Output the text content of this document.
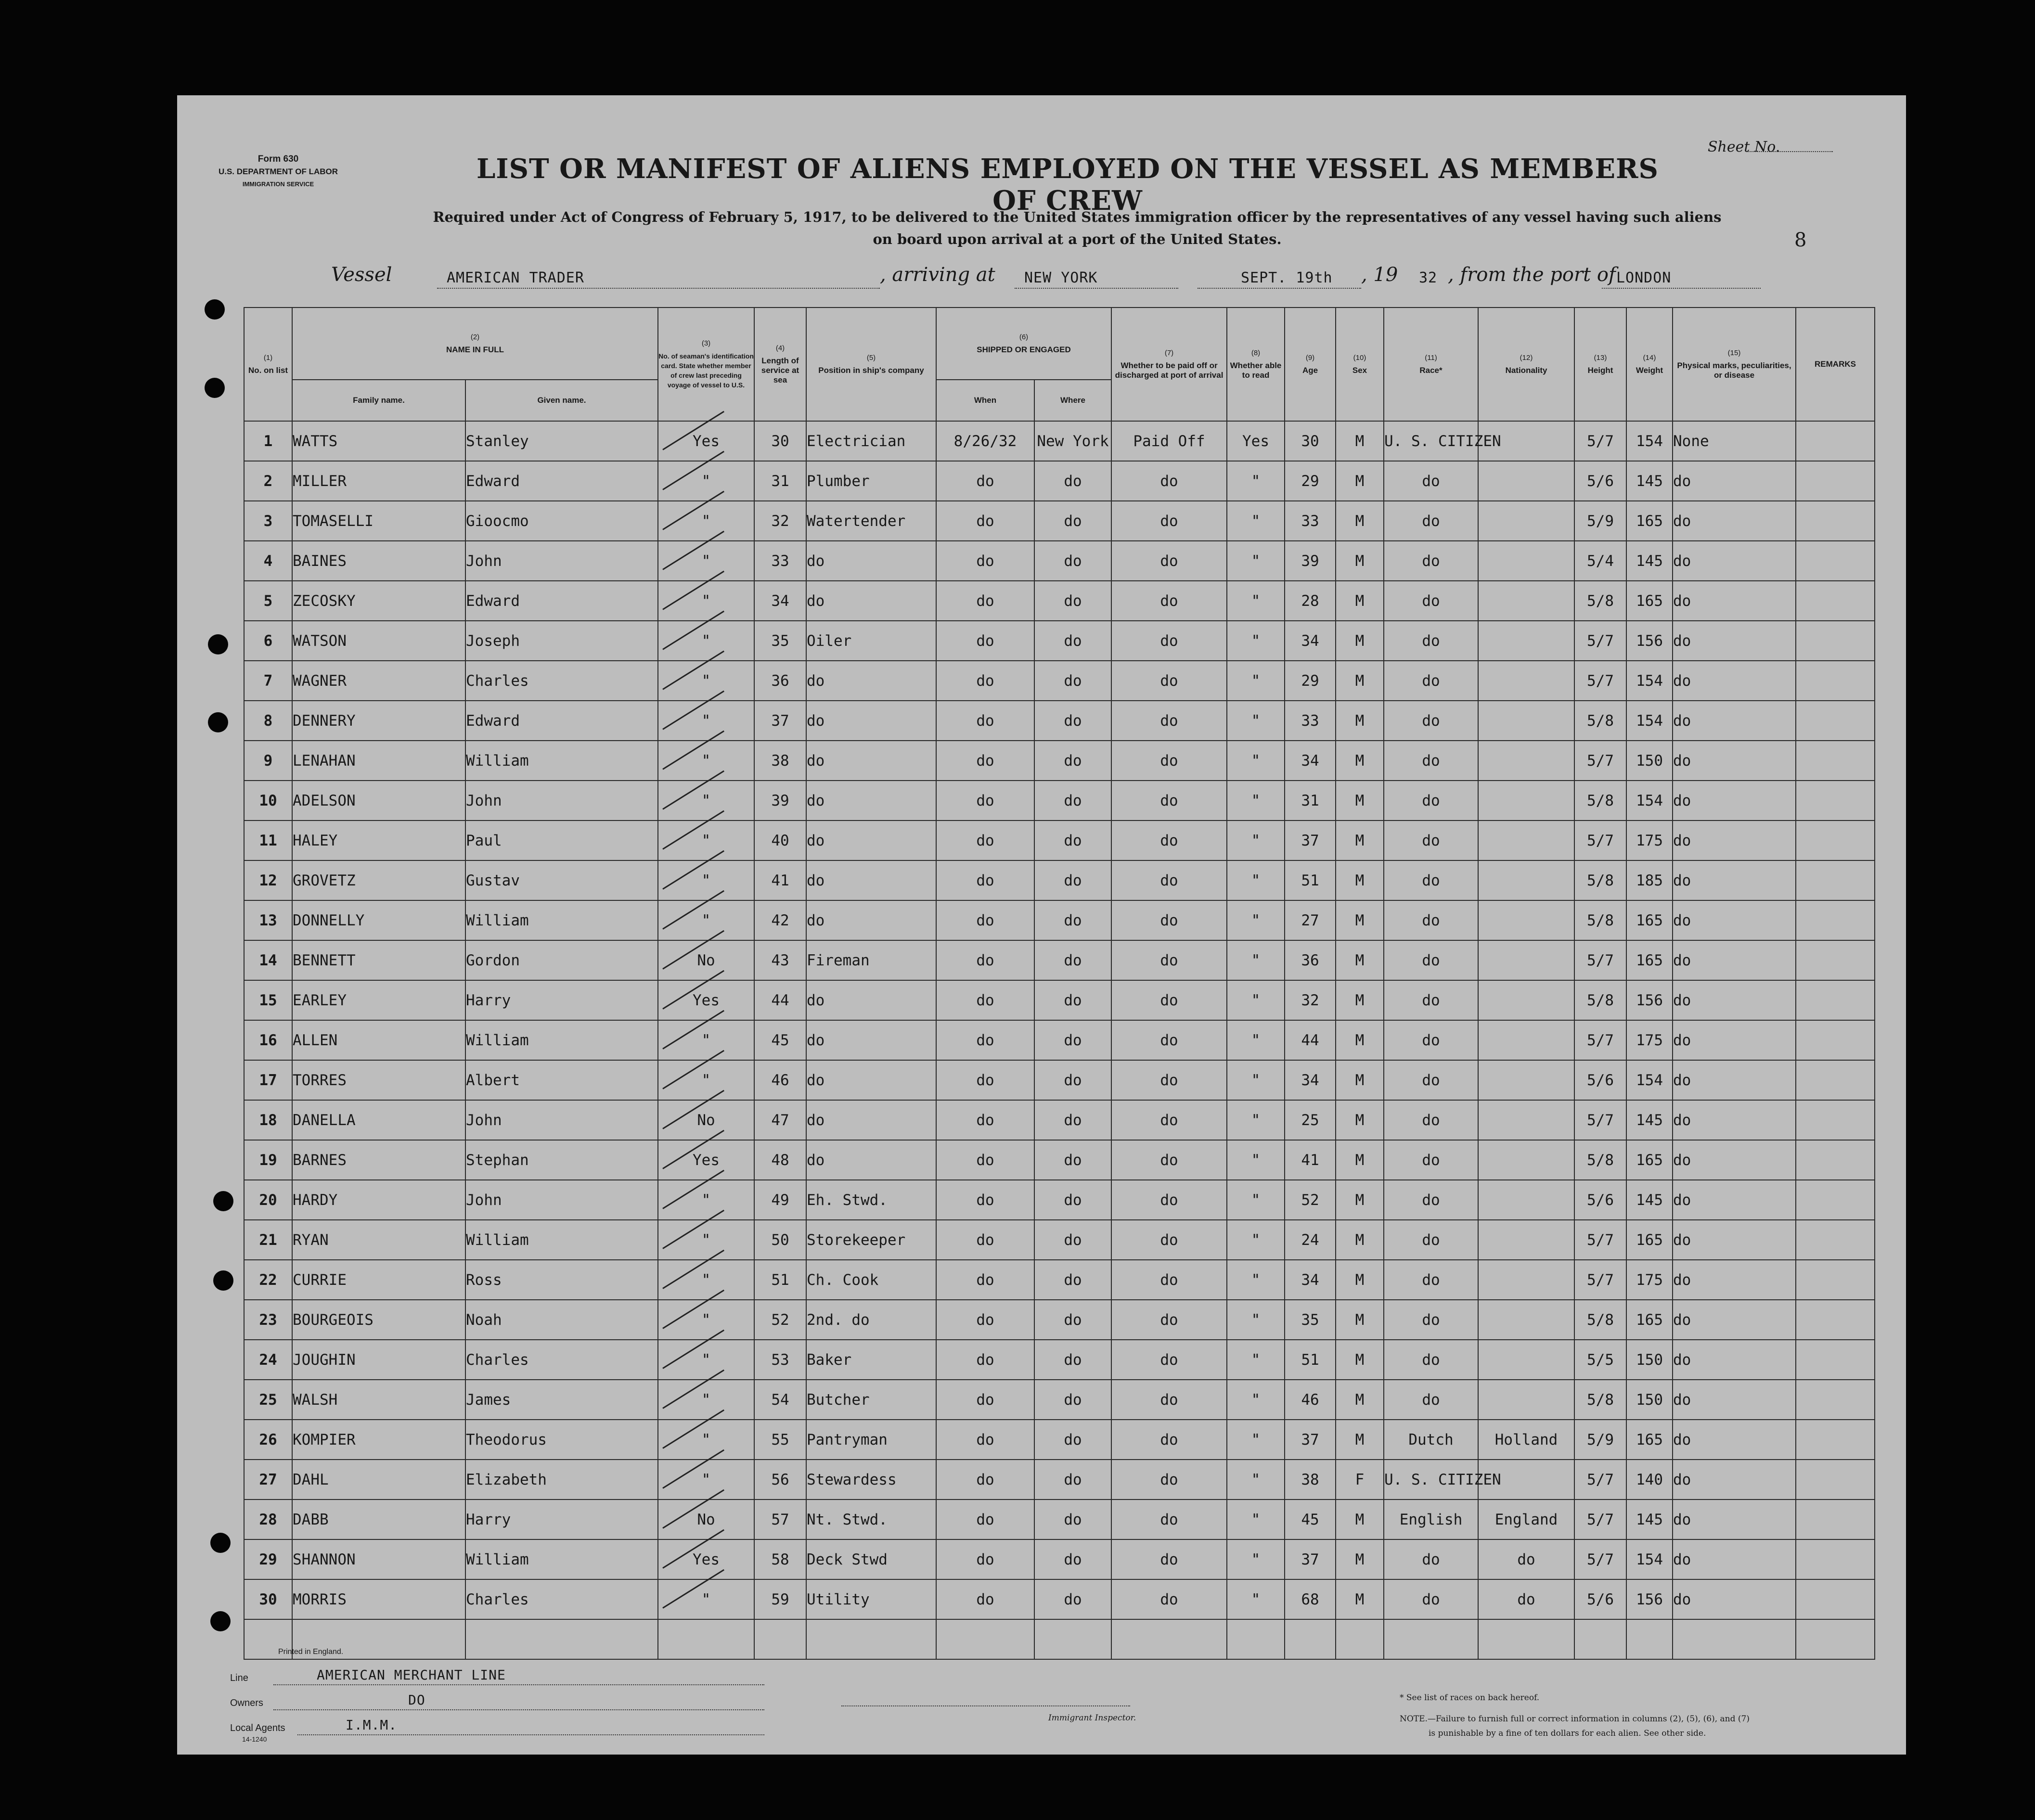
Form 630
U.S. DEPARTMENT OF LABOR
IMMIGRATION SERVICE
Sheet No.
8
LIST OR MANIFEST OF ALIENS EMPLOYED ON THE VESSEL AS MEMBERS OF CREW
Required under Act of Congress of February 5, 1917, to be delivered to the United States immigration officer by the representatives of any vessel having such aliens
on board upon arrival at a port of the United States.
Vessel	AMERICAN TRADER	, arriving at NEW YORK	SEPT. 19th , 19 32 , from the port of LONDON
(1)
No. on list	(2)
NAME IN FULL		(3)
No. of seaman's identification card. State whether member of crew last preceding voyage of vessel to U.S.	(4)
Length of service at sea	(5)
Position in ship's company	(6)
SHIPPED OR ENGAGED		(7)
Whether to be paid off or discharged at port of arrival	(8)
Whether able to read	(9)
Age	(10)
Sex	(11)
Race*	(12)
Nationality	(13)
Height	(14)
Weight	(15)
Physical marks, peculiarities, or disease	REMARKS
	Family name.	Given name.				When	Where										
1	WATTS	Stanley	Yes	30	Electrician	8/26/32	New York	Paid Off	Yes	30	M	U. S. CITIZEN		5/7	154	None	
2	MILLER	Edward	"	31	Plumber	do	do	do	"	29	M	do		5/6	145	do	
3	TOMASELLI	Gioocmo	"	32	Watertender	do	do	do	"	33	M	do		5/9	165	do	
4	BAINES	John	"	33	do	do	do	do	"	39	M	do		5/4	145	do	
5	ZECOSKY	Edward	"	34	do	do	do	do	"	28	M	do		5/8	165	do	
6	WATSON	Joseph	"	35	Oiler	do	do	do	"	34	M	do		5/7	156	do	
7	WAGNER	Charles	"	36	do	do	do	do	"	29	M	do		5/7	154	do	
8	DENNERY	Edward	"	37	do	do	do	do	"	33	M	do		5/8	154	do	
9	LENAHAN	William	"	38	do	do	do	do	"	34	M	do		5/7	150	do	
10	ADELSON	John	"	39	do	do	do	do	"	31	M	do		5/8	154	do	
11	HALEY	Paul	"	40	do	do	do	do	"	37	M	do		5/7	175	do	
12	GROVETZ	Gustav	"	41	do	do	do	do	"	51	M	do		5/8	185	do	
13	DONNELLY	William	"	42	do	do	do	do	"	27	M	do		5/8	165	do	
14	BENNETT	Gordon	No	43	Fireman	do	do	do	"	36	M	do		5/7	165	do	
15	EARLEY	Harry	Yes	44	do	do	do	do	"	32	M	do		5/8	156	do	
16	ALLEN	William	"	45	do	do	do	do	"	44	M	do		5/7	175	do	
17	TORRES	Albert	"	46	do	do	do	do	"	34	M	do		5/6	154	do	
18	DANELLA	John	No	47	do	do	do	do	"	25	M	do		5/7	145	do	
19	BARNES	Stephan	Yes	48	do	do	do	do	"	41	M	do		5/8	165	do	
20	HARDY	John	"	49	Eh. Stwd.	do	do	do	"	52	M	do		5/6	145	do	
21	RYAN	William	"	50	Storekeeper	do	do	do	"	24	M	do		5/7	165	do	
22	CURRIE	Ross	"	51	Ch. Cook	do	do	do	"	34	M	do		5/7	175	do	
23	BOURGEOIS	Noah	"	52	2nd. do	do	do	do	"	35	M	do		5/8	165	do	
24	JOUGHIN	Charles	"	53	Baker	do	do	do	"	51	M	do		5/5	150	do	
25	WALSH	James	"	54	Butcher	do	do	do	"	46	M	do		5/8	150	do	
26	KOMPIER	Theodorus	"	55	Pantryman	do	do	do	"	37	M	Dutch	Holland	5/9	165	do	
27	DAHL	Elizabeth	"	56	Stewardess	do	do	do	"	38	F	U. S. CITIZEN		5/7	140	do	
28	DABB	Harry	No	57	Nt. Stwd.	do	do	do	"	45	M	English	England	5/7	145	do	
29	SHANNON	William	Yes	58	Deck Stwd	do	do	do	"	37	M	do	do	5/7	154	do	
30	MORRIS	Charles	"	59	Utility	do	do	do	"	68	M	do	do	5/6	156	do	

Printed in England.
Line	AMERICAN MERCHANT LINE
Owners	DO
Local Agents	I.M.M.
14-1240
Immigrant Inspector.
* See list of races on back hereof.
NOTE.—Failure to furnish full or correct information in columns (2), (5), (6), and (7)
is punishable by a fine of ten dollars for each alien. See other side.
